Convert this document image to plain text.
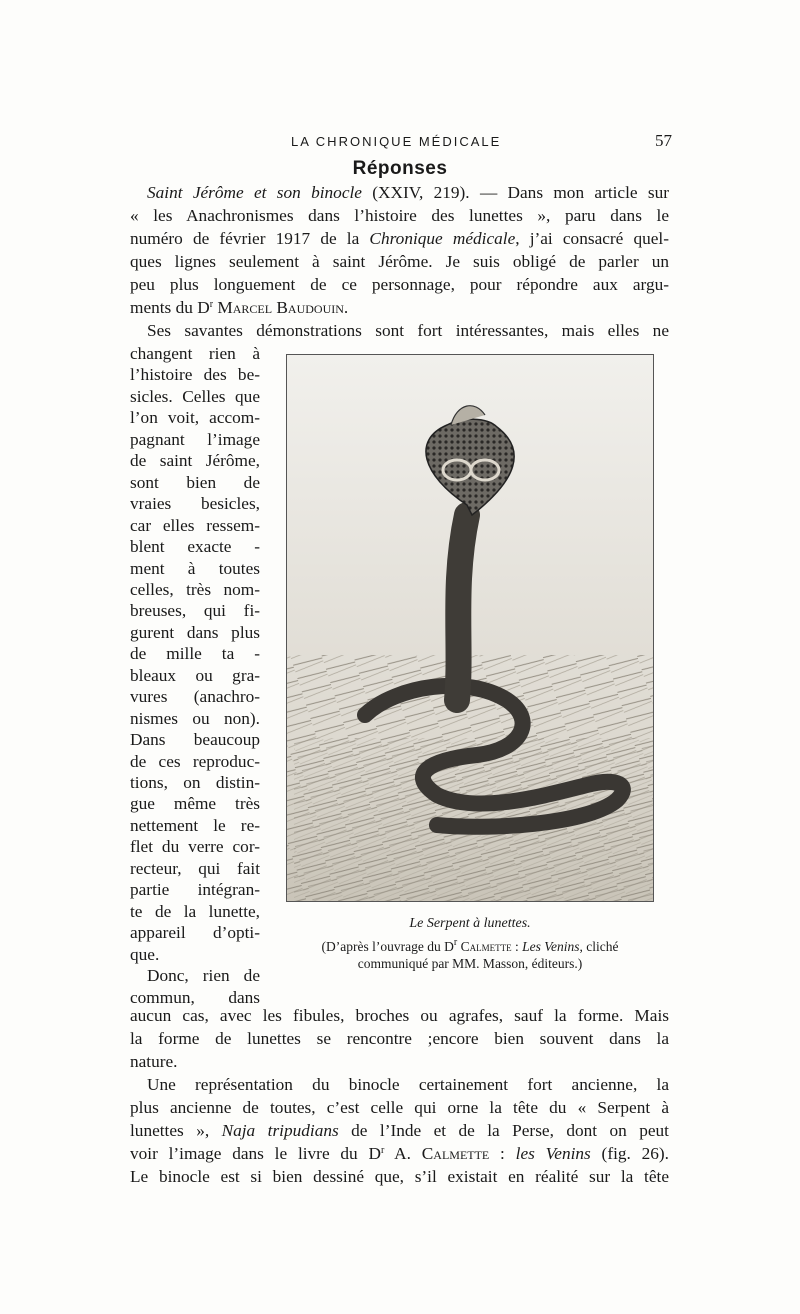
LA CHRONIQUE MÉDICALE	57
Réponses
Saint Jérôme et son binocle (XXIV, 219). — Dans mon article sur
« les Anachronismes dans l’histoire des lunettes », paru dans le
numéro de février 1917 de la Chronique médicale, j’ai consacré quel-
ques lignes seulement à saint Jérôme. Je suis obligé de parler un
peu plus longuement de ce personnage, pour répondre aux argu-
ments du $D^r$ Marcel Baudouin.
Ses savantes démonstrations sont fort intéressantes, mais elles ne
changent rien à
l’histoire des be-
sicles. Celles que
l’on voit, accom-
pagnant l’image
de saint Jérôme,
sont bien de
vraies besicles,
car elles ressem-
blent exacte -
ment à toutes
celles, très nom-
breuses, qui fi-
gurent dans plus
de mille ta -
bleaux ou gra-
vures (anachro-
nismes ou non).
Dans beaucoup
de ces reproduc-
tions, on distin-
gue même très
nettement le re-
flet du verre cor-
recteur, qui fait
partie intégran-
te de la lunette,
appareil d’opti-
que.
Donc, rien de
commun, dans
Le Serpent à lunettes.
(D’après l’ouvrage du $D^r$ Calmette : Les Venins, cliché
communiqué par MM. Masson, éditeurs.)
aucun cas, avec les fibules, broches ou agrafes, sauf la forme. Mais
la forme de lunettes se rencontre ;encore bien souvent dans la
nature.
Une représentation du binocle certainement fort ancienne, la
plus ancienne de toutes, c’est celle qui orne la tête du « Serpent à
lunettes », Naja tripudians de l’Inde et de la Perse, dont on peut
voir l’image dans le livre du $D^r$ A. Calmette : les Venins (fig. 26).
Le binocle est si bien dessiné que, s’il existait en réalité sur la tête
